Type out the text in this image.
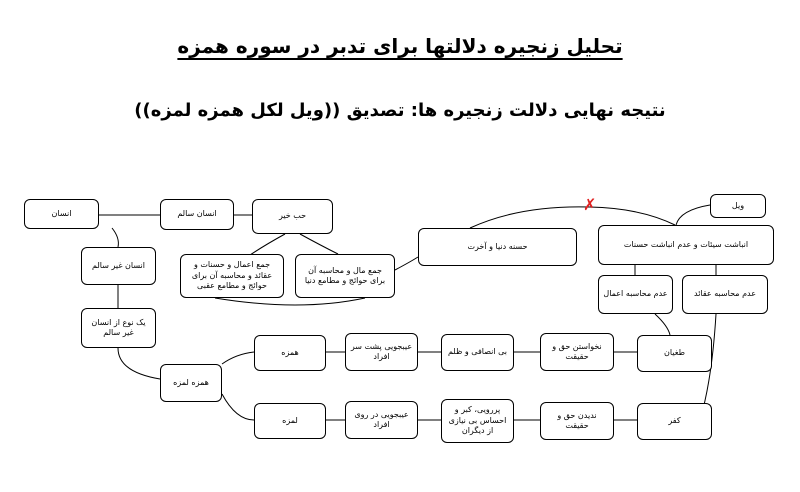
تحلیل زنجیره دلالتها برای تدبر در سوره همزه
نتیجه نهایی دلالت زنجیره ها: تصدیق ((ویل لکل همزه لمزه))
انسان	انسان سالم	حب خیر
انسان غیر سالم
یک نوع از انسان غیر سالم
همزه لمزه
همزه
لمزه
جمع اعمال و حسنات و عقائد و محاسبه آن برای حوائج و مطامع عقبی
جمع مال و محاسبه آن برای حوائج و مطامع دنیا
حسنه دنیا و آخرت
ویل
انباشت سیئات و عدم انباشت حسنات
عدم محاسبه اعمال	عدم محاسبه عقائد
طغیان
کفر
نخواستن حق و حقیقت
ندیدن حق و حقیقت
بی انصافی و ظلم
پررویی، کبر و احساس بی نیازی از دیگران
عیبجویی پشت سر افراد
عیبجویی در روی افراد
✗
